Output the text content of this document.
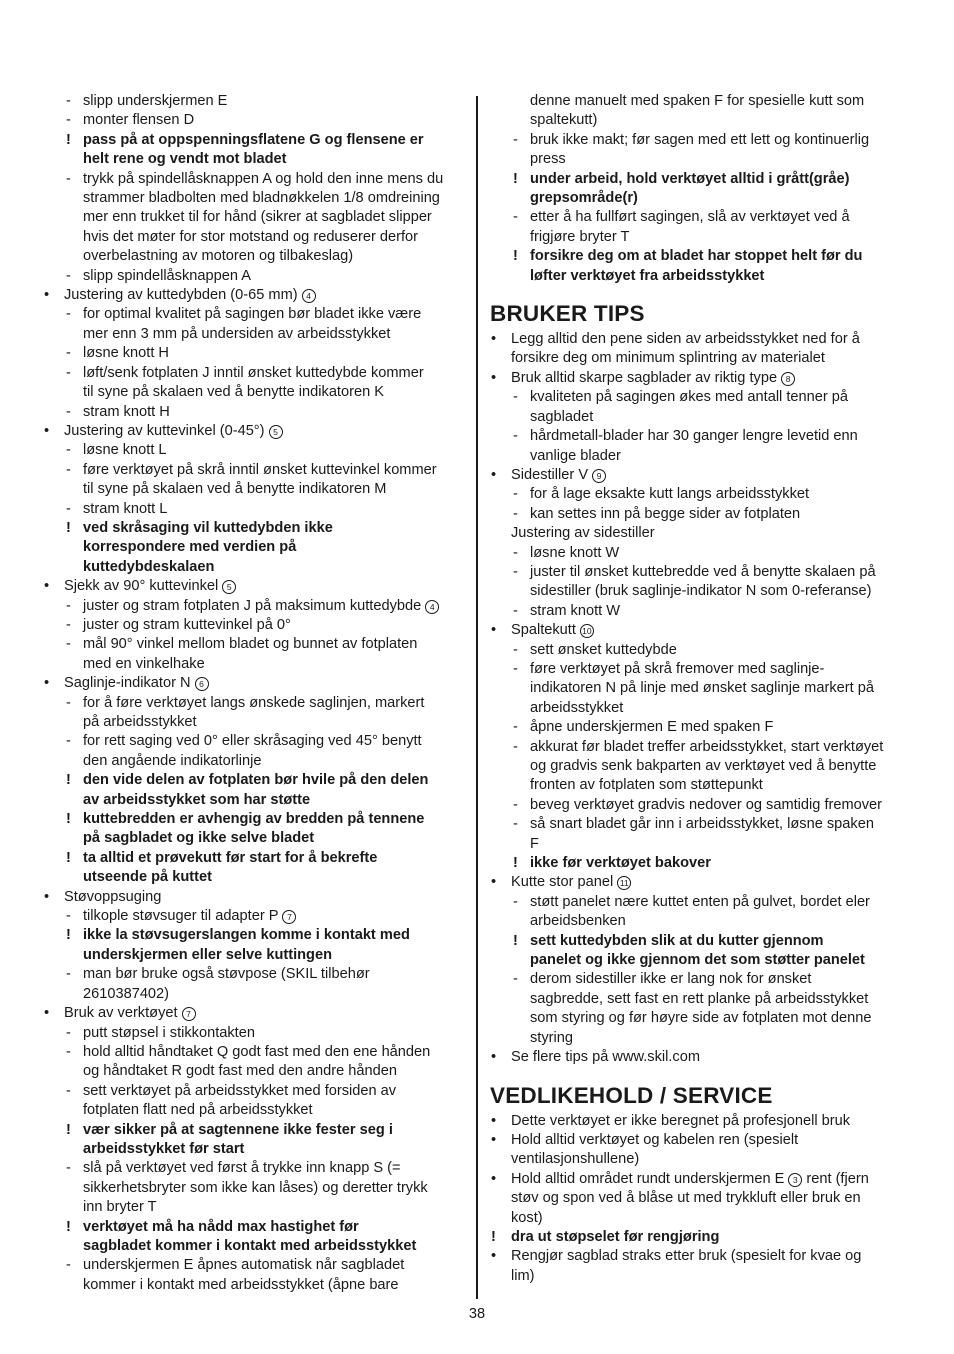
- slipp underskjermen E
- monter flensen D
! pass på at oppspenningsflatene G og flensene er
helt rene og vendt mot bladet
- trykk på spindellåsknappen A og hold den inne mens du
strammer bladbolten med bladnøkkelen 1/8 omdreining
mer enn trukket til for hånd (sikrer at sagbladet slipper
hvis det møter for stor motstand og reduserer derfor
overbelastning av motoren og tilbakeslag)
- slipp spindellåsknappen A
• Justering av kuttedybden (0-65 mm) 4
- for optimal kvalitet på sagingen bør bladet ikke være
mer enn 3 mm på undersiden av arbeidsstykket
- løsne knott H
- løft/senk fotplaten J inntil ønsket kuttedybde kommer
til syne på skalaen ved å benytte indikatoren K
- stram knott H
• Justering av kuttevinkel (0-45°) 5
- løsne knott L
- føre verktøyet på skrå inntil ønsket kuttevinkel kommer
til syne på skalaen ved å benytte indikatoren M
- stram knott L
! ved skråsaging vil kuttedybden ikke
korrespondere med verdien på
kuttedybdeskalaen
• Sjekk av 90° kuttevinkel 5
- juster og stram fotplaten J på maksimum kuttedybde 4
- juster og stram kuttevinkel på 0°
- mål 90° vinkel mellom bladet og bunnet av fotplaten
med en vinkelhake
• Saglinje-indikator N 6
- for å føre verktøyet langs ønskede saglinjen, markert
på arbeidsstykket
- for rett saging ved 0° eller skråsaging ved 45° benytt
den angående indikatorlinje
! den vide delen av fotplaten bør hvile på den delen
av arbeidsstykket som har støtte
! kuttebredden er avhengig av bredden på tennene
på sagbladet og ikke selve bladet
! ta alltid et prøvekutt før start for å bekrefte
utseende på kuttet
• Støvoppsuging
- tilkople støvsuger til adapter P 7
! ikke la støvsugerslangen komme i kontakt med
underskjermen eller selve kuttingen
- man bør bruke også støvpose (SKIL tilbehør
2610387402)
• Bruk av verktøyet 7
- putt støpsel i stikkontakten
- hold alltid håndtaket Q godt fast med den ene hånden
og håndtaket R godt fast med den andre hånden
- sett verktøyet på arbeidsstykket med forsiden av
fotplaten flatt ned på arbeidsstykket
! vær sikker på at sagtennene ikke fester seg i
arbeidsstykket før start
- slå på verktøyet ved først å trykke inn knapp S (=
sikkerhetsbryter som ikke kan låses) og deretter trykk
inn bryter T
! verktøyet må ha nådd max hastighet før
sagbladet kommer i kontakt med arbeidsstykket
- underskjermen E åpnes automatisk når sagbladet
kommer i kontakt med arbeidsstykket (åpne bare
denne manuelt med spaken F for spesielle kutt som
spaltekutt)
- bruk ikke makt; før sagen med ett lett og kontinuerlig
press
! under arbeid, hold verktøyet alltid i grått(gråe)
grepsområde(r)
- etter å ha fullført sagingen, slå av verktøyet ved å
frigjøre bryter T
! forsikre deg om at bladet har stoppet helt før du
løfter verktøyet fra arbeidsstykket
BRUKER TIPS
• Legg alltid den pene siden av arbeidsstykket ned for å
forsikre deg om minimum splintring av materialet
• Bruk alltid skarpe sagblader av riktig type 8
- kvaliteten på sagingen økes med antall tenner på
sagbladet
- hårdmetall-blader har 30 ganger lengre levetid enn
vanlige blader
• Sidestiller V 9
- for å lage eksakte kutt langs arbeidsstykket
- kan settes inn på begge sider av fotplaten
Justering av sidestiller
- løsne knott W
- juster til ønsket kuttebredde ved å benytte skalaen på
sidestiller (bruk saglinje-indikator N som 0-referanse)
- stram knott W
• Spaltekutt 10
- sett ønsket kuttedybde
- føre verktøyet på skrå fremover med saglinje-
indikatoren N på linje med ønsket saglinje markert på
arbeidsstykket
- åpne underskjermen E med spaken F
- akkurat før bladet treffer arbeidsstykket, start verktøyet
og gradvis senk bakparten av verktøyet ved å benytte
fronten av fotplaten som støttepunkt
- beveg verktøyet gradvis nedover og samtidig fremover
- så snart bladet går inn i arbeidsstykket, løsne spaken
F
! ikke før verktøyet bakover
• Kutte stor panel 11
- støtt panelet nære kuttet enten på gulvet, bordet eler
arbeidsbenken
! sett kuttedybden slik at du kutter gjennom
panelet og ikke gjennom det som støtter panelet
- derom sidestiller ikke er lang nok for ønsket
sagbredde, sett fast en rett planke på arbeidsstykket
som styring og før høyre side av fotplaten mot denne
styring
• Se flere tips på www.skil.com
VEDLIKEHOLD / SERVICE
• Dette verktøyet er ikke beregnet på profesjonell bruk
• Hold alltid verktøyet og kabelen ren (spesielt
ventilasjonshullene)
• Hold alltid området rundt underskjermen E 3 rent (fjern
støv og spon ved å blåse ut med trykkluft eller bruk en
kost)
! dra ut støpselet før rengjøring
• Rengjør sagblad straks etter bruk (spesielt for kvae og
lim)
38
